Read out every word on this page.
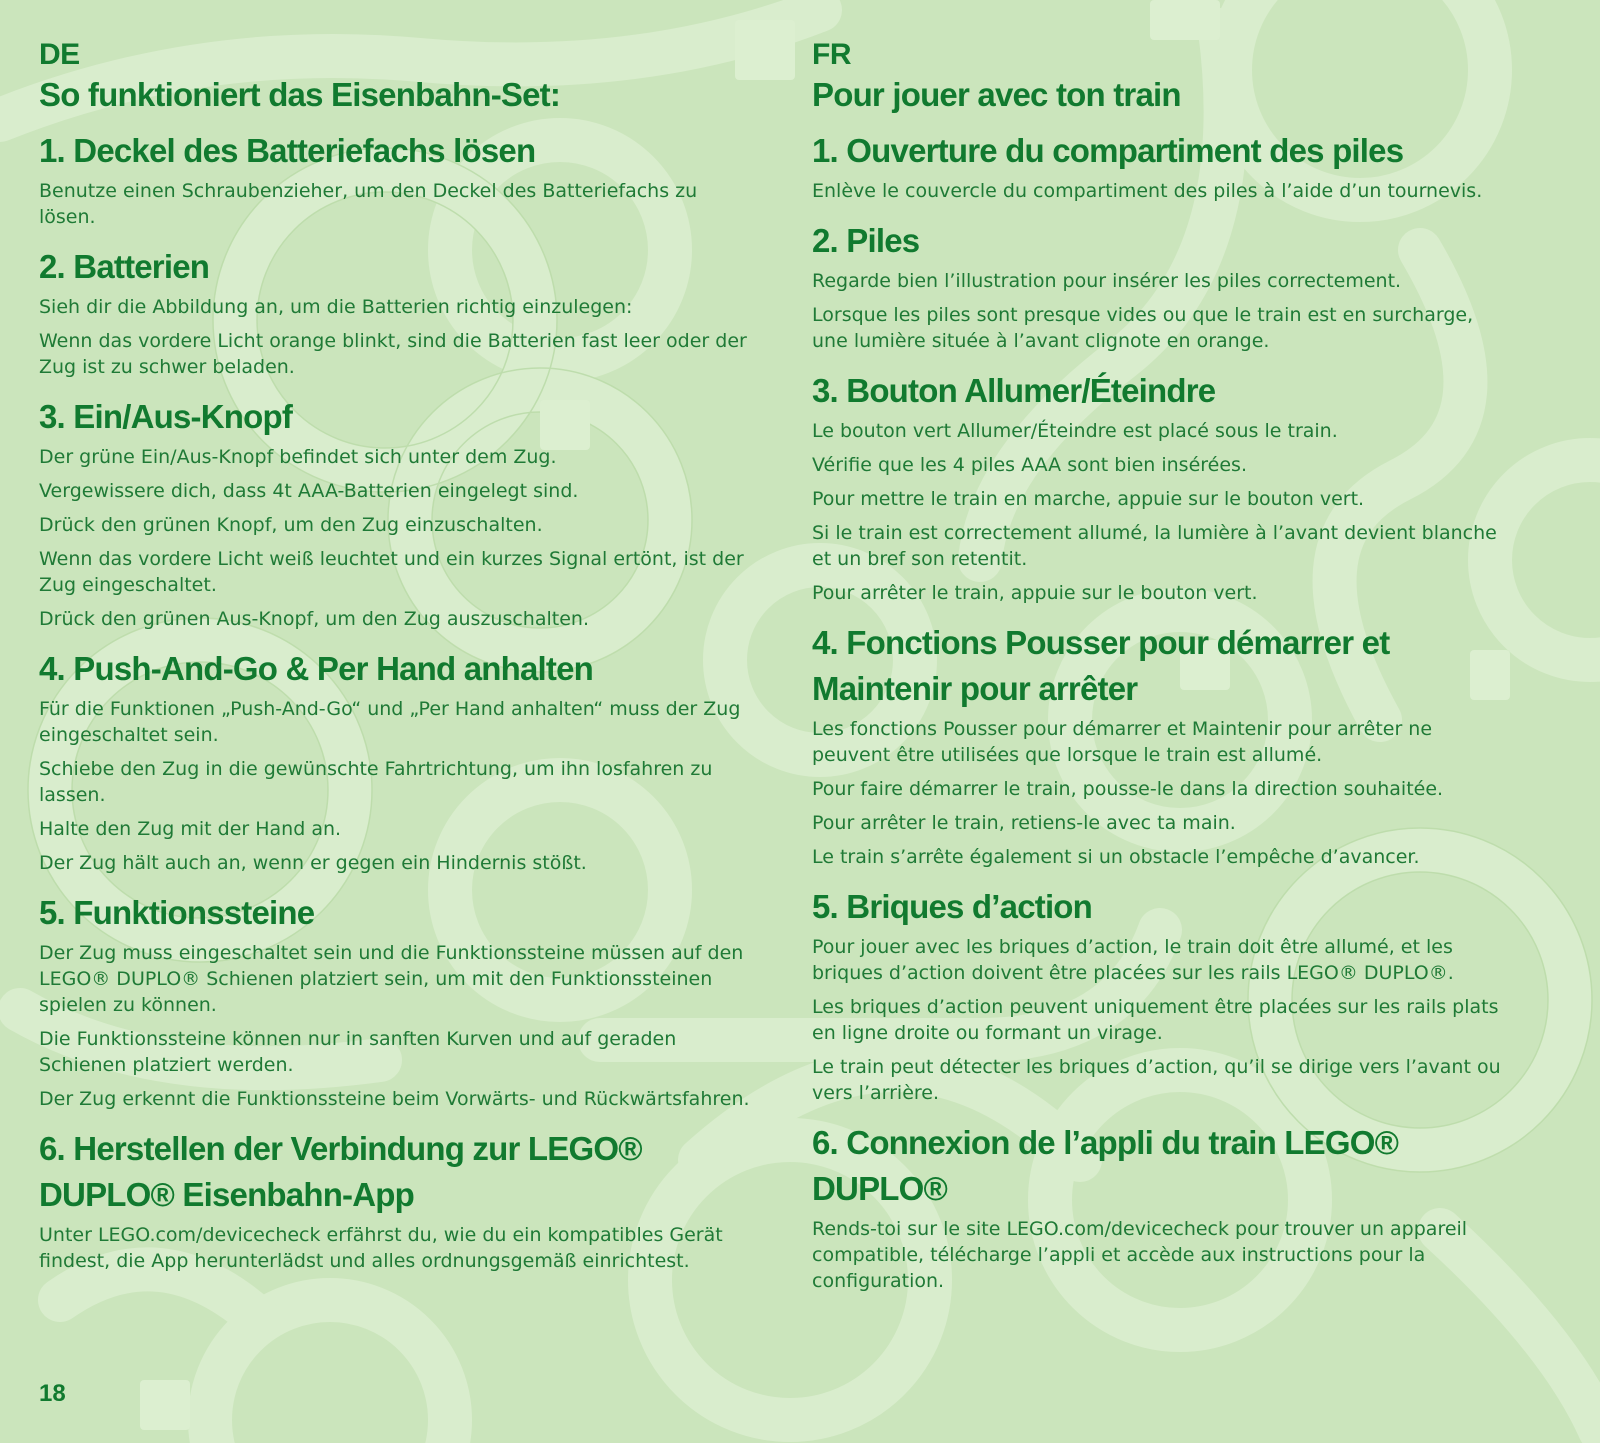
DE
So funktioniert das Eisenbahn-Set:
1. Deckel des Batteriefachs lösen

Benutze einen Schraubenzieher, um den Deckel des Batteriefachs zu lösen.

2. Batterien

Sieh dir die Abbildung an, um die Batterien richtig einzulegen:

Wenn das vordere Licht orange blinkt, sind die Batterien fast leer oder der Zug ist zu schwer beladen.

3. Ein/Aus-Knopf

Der grüne Ein/Aus-Knopf befindet sich unter dem Zug.

Vergewissere dich, dass 4t AAA-Batterien eingelegt sind.

Drück den grünen Knopf, um den Zug einzuschalten.

Wenn das vordere Licht weiß leuchtet und ein kurzes Signal ertönt, ist der Zug eingeschaltet.

Drück den grünen Aus-Knopf, um den Zug auszuschalten.

4. Push-And-Go & Per Hand anhalten

Für die Funktionen „Push-And-Go“ und „Per Hand anhalten“ muss der Zug eingeschaltet sein.

Schiebe den Zug in die gewünschte Fahrtrichtung, um ihn losfahren zu lassen.

Halte den Zug mit der Hand an.

Der Zug hält auch an, wenn er gegen ein Hindernis stößt.

5. Funktionssteine

Der Zug muss eingeschaltet sein und die Funktionssteine müssen auf den LEGO® DUPLO® Schienen platziert sein, um mit den Funktionssteinen spielen zu können.

Die Funktionssteine können nur in sanften Kurven und auf geraden Schienen platziert werden.

Der Zug erkennt die Funktionssteine beim Vorwärts- und Rückwärtsfahren.

6. Herstellen der Verbindung zur LEGO® DUPLO® Eisenbahn-App

Unter LEGO.com/devicecheck erfährst du, wie du ein kompatibles Gerät findest, die App herunterlädst und alles ordnungsgemäß einrichtest.

FR
Pour jouer avec ton train
1. Ouverture du compartiment des piles

Enlève le couvercle du compartiment des piles à l’aide d’un tournevis.

2. Piles

Regarde bien l’illustration pour insérer les piles correctement.

Lorsque les piles sont presque vides ou que le train est en surcharge, une lumière située à l’avant clignote en orange.

3. Bouton Allumer/Éteindre

Le bouton vert Allumer/Éteindre est placé sous le train.

Vérifie que les 4 piles AAA sont bien insérées.

Pour mettre le train en marche, appuie sur le bouton vert.

Si le train est correctement allumé, la lumière à l’avant devient blanche et un bref son retentit.

Pour arrêter le train, appuie sur le bouton vert.

4. Fonctions Pousser pour démarrer et Maintenir pour arrêter

Les fonctions Pousser pour démarrer et Maintenir pour arrêter ne peuvent être utilisées que lorsque le train est allumé.

Pour faire démarrer le train, pousse-le dans la direction souhaitée.

Pour arrêter le train, retiens-le avec ta main.

Le train s’arrête également si un obstacle l’empêche d’avancer.

5. Briques d’action

Pour jouer avec les briques d’action, le train doit être allumé, et les briques d’action doivent être placées sur les rails LEGO® DUPLO®.

Les briques d’action peuvent uniquement être placées sur les rails plats en ligne droite ou formant un virage.

Le train peut détecter les briques d’action, qu’il se dirige vers l’avant ou vers l’arrière.

6. Connexion de l’appli du train LEGO® DUPLO®

Rends-toi sur le site LEGO.com/devicecheck pour trouver un appareil compatible, télécharge l’appli et accède aux instructions pour la configuration.

18
